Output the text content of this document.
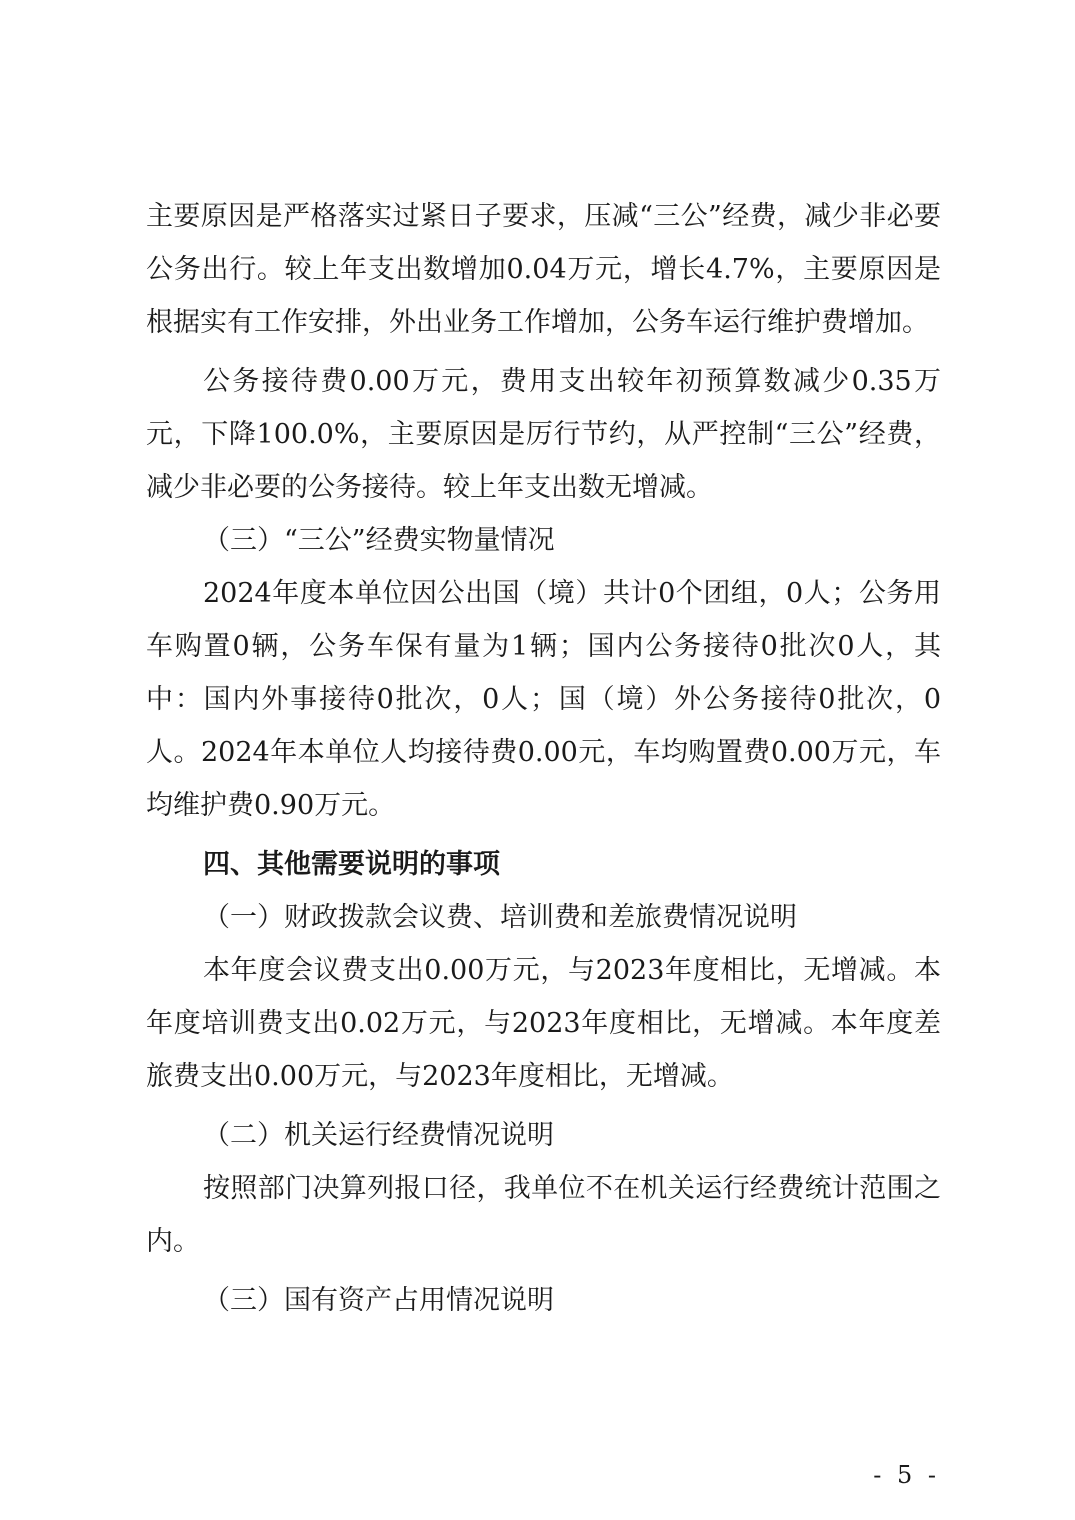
主要原因是严格落实过紧日子要求，压减“三公”经费，减少非必要公务出行。较上年支出数增加0.04万元，增长4.7%，主要原因是根据实有工作安排，外出业务工作增加，公务车运行维护费增加。

公务接待费0.00万元，费用支出较年初预算数减少0.35万元，下降100.0%，主要原因是厉行节约，从严控制“三公”经费，减少非必要的公务接待。较上年支出数无增减。

（三）“三公”经费实物量情况

2024年度本单位因公出国（境）共计0个团组，0人；公务用车购置0辆，公务车保有量为1辆；国内公务接待0批次0人，其中：国内外事接待0批次，0人；国（境）外公务接待0批次，0人。2024年本单位人均接待费0.00元，车均购置费0.00万元，车均维护费0.90万元。

四、其他需要说明的事项

（一）财政拨款会议费、培训费和差旅费情况说明

本年度会议费支出0.00万元，与2023年度相比，无增减。本年度培训费支出0.02万元，与2023年度相比，无增减。本年度差旅费支出0.00万元，与2023年度相比，无增减。

（二）机关运行经费情况说明

按照部门决算列报口径，我单位不在机关运行经费统计范围之内。

（三）国有资产占用情况说明

- 5 -
